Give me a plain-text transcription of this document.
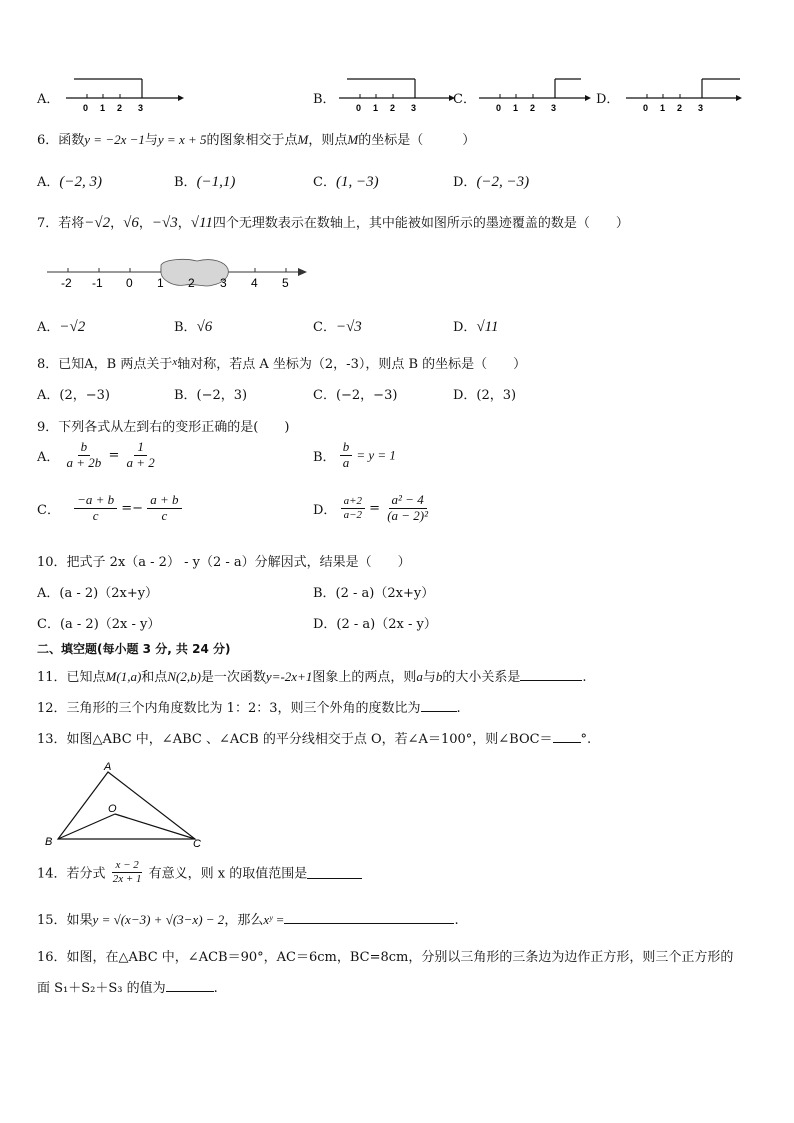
A．
0 1 2 3
B．
0 1 2 3
C．
0 1 2 3
D．
0 1 2 3
6．函数y = −2x −1与y = x + 5的图象相交于点M，则点M的坐标是（　　　）
A．(−2, 3)	B．(−1,1)	C．(1, −3)	D．(−2, −3)
7．若将−√2，√6，−√3，√11四个无理数表示在数轴上，其中能被如图所示的墨迹覆盖的数是（　　）
-2 -1 0 1 2 3 4 5
A．−√2	B．√6	C．−√3	D．√11
8．已知A，B 两点关于$^x$轴对称，若点 A 坐标为（2，-3），则点 B 的坐标是（　　）
A．(2，−3)	B．(−2，3)	C．(−2，−3)	D．(2，3)
9．下列各式从左到右的变形正确的是(　　)
A． $\frac{b}{a + 2b} = \frac{1}{a + 2}$	B． $\frac{b}{a} = y = 1$
C． $\frac{-a + b}{c} =- \frac{a + b}{c}$	D． $\frac{a+2}{a-2} = \frac{\text{a² − 4}}{\text{(a − 2)²}}$
10．把式子 2x（a - 2） - y（2 - a）分解因式，结果是（　　）
A．(a - 2)（2x+y）	B．(2 - a)（2x+y）
C．(a - 2)（2x - y）	D．(2 - a)（2x - y）
二、填空题(每小题 3 分, 共 24 分)
11．已知点M(1,a)和点N(2,b)是一次函数y=-2x+1图象上的两点，则a与b的大小关系是	.
12．三角形的三个内角度数比为 1：2：3，则三个外角的度数比为	.
13．如图△ABC 中，∠ABC 、∠ACB 的平分线相交于点 O，若∠A＝100°，则∠BOC＝ °.
A
B	C
O
14．若分式 $\frac{x - 2}{2x + 1}$ 有意义，则 x 的取值范围是
15．如果y = √(x−3) + √(3−x) − 2，那么xʸ =	.
16．如图，在△ABC 中，∠ACB＝90°，AC＝6cm，BC=8cm，分别以三角形的三条边为边作正方形，则三个正方形的
面 S₁＋S₂＋S₃ 的值为	.
